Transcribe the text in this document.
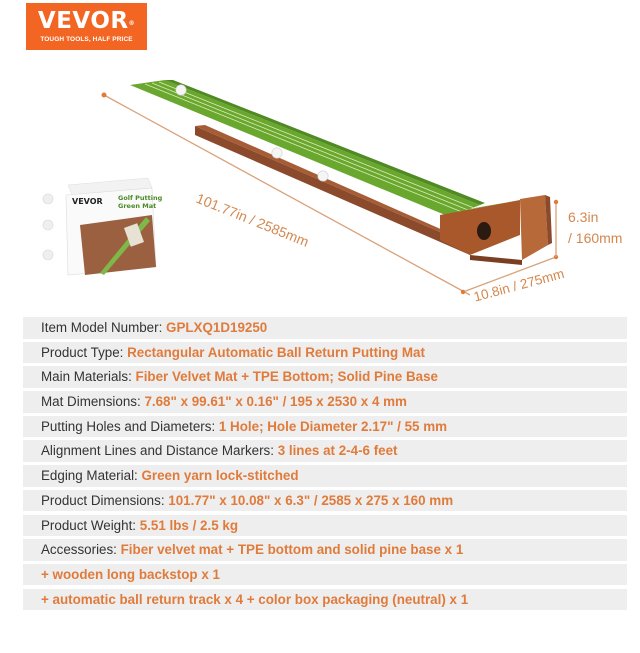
VEVOR®
TOUGH TOOLS, HALF PRICE
VEVOR Golf Putting
Green Mat	101.77in / 2585mm
10.8in / 275mm
6.3in
/ 160mm
Item Model Number: GPLXQ1D19250
Product Type: Rectangular Automatic Ball Return Putting Mat
Main Materials: Fiber Velvet Mat + TPE Bottom; Solid Pine Base
Mat Dimensions: 7.68" x 99.61" x 0.16" / 195 x 2530 x 4 mm
Putting Holes and Diameters: 1 Hole; Hole Diameter 2.17" / 55 mm
Alignment Lines and Distance Markers: 3 lines at 2-4-6 feet
Edging Material: Green yarn lock-stitched
Product Dimensions: 101.77" x 10.08" x 6.3" / 2585 x 275 x 160 mm
Product Weight: 5.51 lbs / 2.5 kg
Accessories: Fiber velvet mat + TPE bottom and solid pine base x 1
+ wooden long backstop x 1
+ automatic ball return track x 4 + color box packaging (neutral) x 1
